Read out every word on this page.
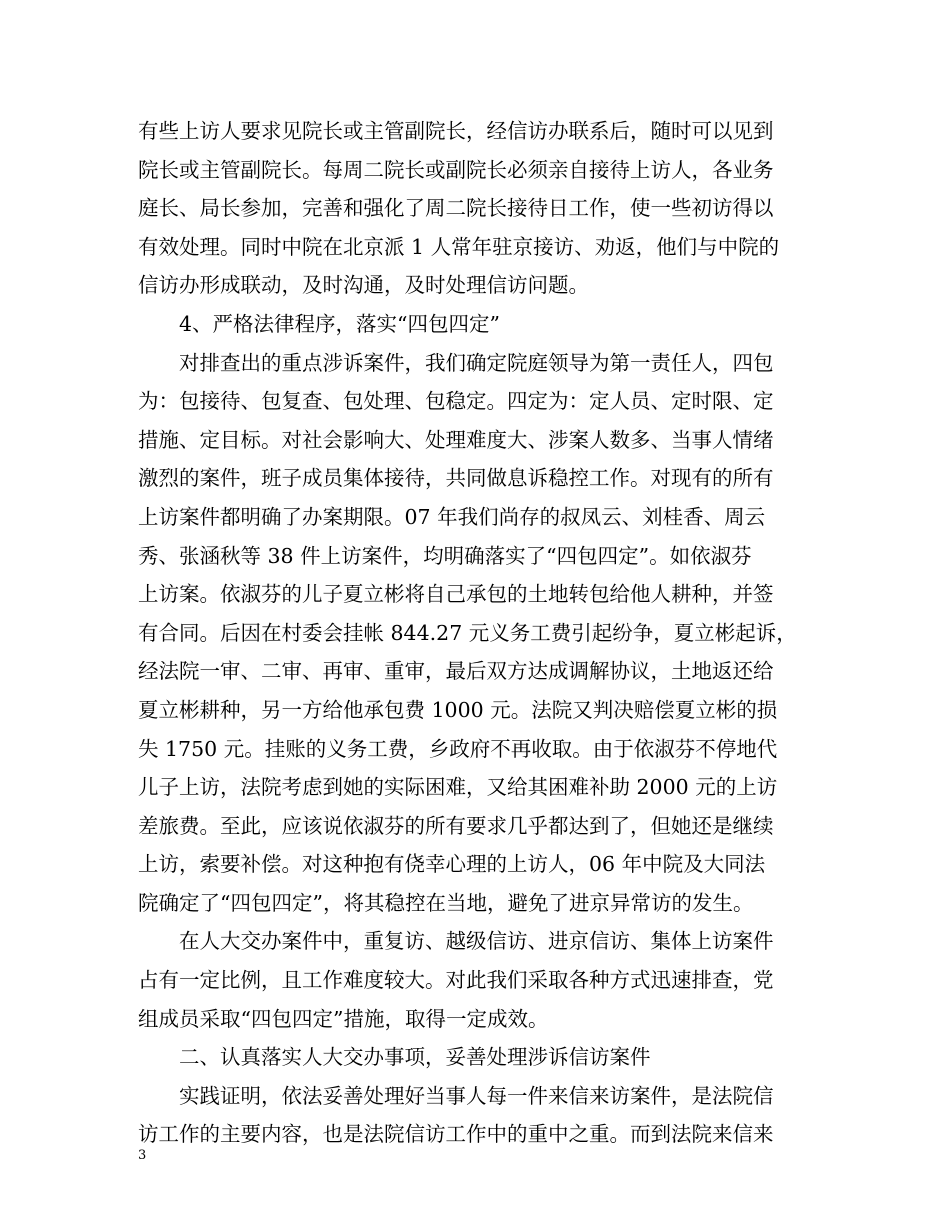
有些上访人要求见院长或主管副院长，经信访办联系后，随时可以见到
院长或主管副院长。每周二院长或副院长必须亲自接待上访人，各业务
庭长、局长参加，完善和强化了周二院长接待日工作，使一些初访得以
有效处理。同时中院在北京派 1 人常年驻京接访、劝返，他们与中院的
信访办形成联动，及时沟通，及时处理信访问题。
4、严格法律程序，落实“四包四定”
对排查出的重点涉诉案件，我们确定院庭领导为第一责任人，四包
为：包接待、包复查、包处理、包稳定。四定为：定人员、定时限、定
措施、定目标。对社会影响大、处理难度大、涉案人数多、当事人情绪
激烈的案件，班子成员集体接待，共同做息诉稳控工作。对现有的所有
上访案件都明确了办案期限。07 年我们尚存的叔凤云、刘桂香、周云
秀、张涵秋等 38 件上访案件，均明确落实了“四包四定”。如依淑芬
上访案。依淑芬的儿子夏立彬将自己承包的土地转包给他人耕种，并签
有合同。后因在村委会挂帐 844.27 元义务工费引起纷争，夏立彬起诉，
经法院一审、二审、再审、重审，最后双方达成调解协议，土地返还给
夏立彬耕种，另一方给他承包费 1000 元。法院又判决赔偿夏立彬的损
失 1750 元。挂账的义务工费，乡政府不再收取。由于依淑芬不停地代
儿子上访，法院考虑到她的实际困难，又给其困难补助 2000 元的上访
差旅费。至此，应该说依淑芬的所有要求几乎都达到了，但她还是继续
上访，索要补偿。对这种抱有侥幸心理的上访人，06 年中院及大同法
院确定了“四包四定”，将其稳控在当地，避免了进京异常访的发生。
在人大交办案件中，重复访、越级信访、进京信访、集体上访案件
占有一定比例，且工作难度较大。对此我们采取各种方式迅速排查，党
组成员采取“四包四定”措施，取得一定成效。
二、认真落实人大交办事项，妥善处理涉诉信访案件
实践证明，依法妥善处理好当事人每一件来信来访案件，是法院信
访工作的主要内容，也是法院信访工作中的重中之重。而到法院来信来
3
